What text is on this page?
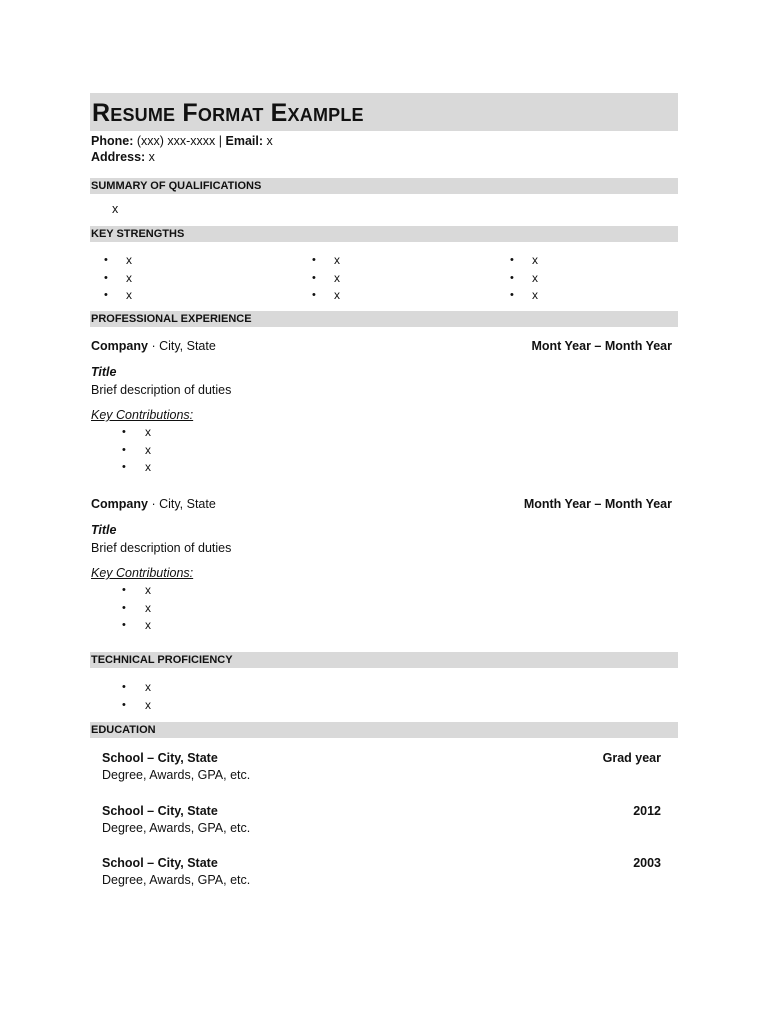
Resume Format Example
Phone: (xxx) xxx-xxxx | Email: x
Address: x
SUMMARY OF QUALIFICATIONS
x
KEY STRENGTHS
• x
• x
• x
• x
• x
• x
• x
• x
• x
PROFESSIONAL EXPERIENCE
Company · City, State	Mont Year – Month Year
Title
Brief description of duties
Key Contributions:
• x
• x
• x
Company · City, State	Month Year – Month Year
Title
Brief description of duties
Key Contributions:
• x
• x
• x
TECHNICAL PROFICIENCY
• x
• x
EDUCATION
School – City, State	Grad year
Degree, Awards, GPA, etc.
School – City, State	2012
Degree, Awards, GPA, etc.
School – City, State	2003
Degree, Awards, GPA, etc.
